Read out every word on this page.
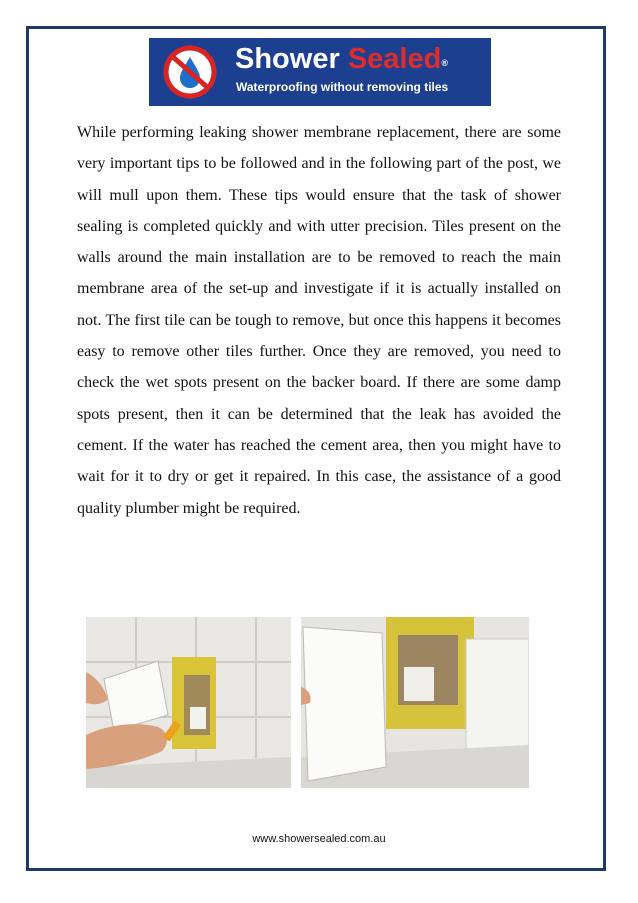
Shower Sealed®
Waterproofing without removing tiles

While performing leaking shower membrane replacement, there are some very important tips to be followed and in the following part of the post, we will mull upon them. These tips would ensure that the task of shower sealing is completed quickly and with utter precision. Tiles present on the walls around the main installation are to be removed to reach the main membrane area of the set-up and investigate if it is actually installed on not. The first tile can be tough to remove, but once this happens it becomes easy to remove other tiles further. Once they are removed, you need to check the wet spots present on the backer board. If there are some damp spots present, then it can be determined that the leak has avoided the cement. If the water has reached the cement area, then you might have to wait for it to dry or get it repaired. In this case, the assistance of a good quality plumber might be required.

www.showersealed.com.au
